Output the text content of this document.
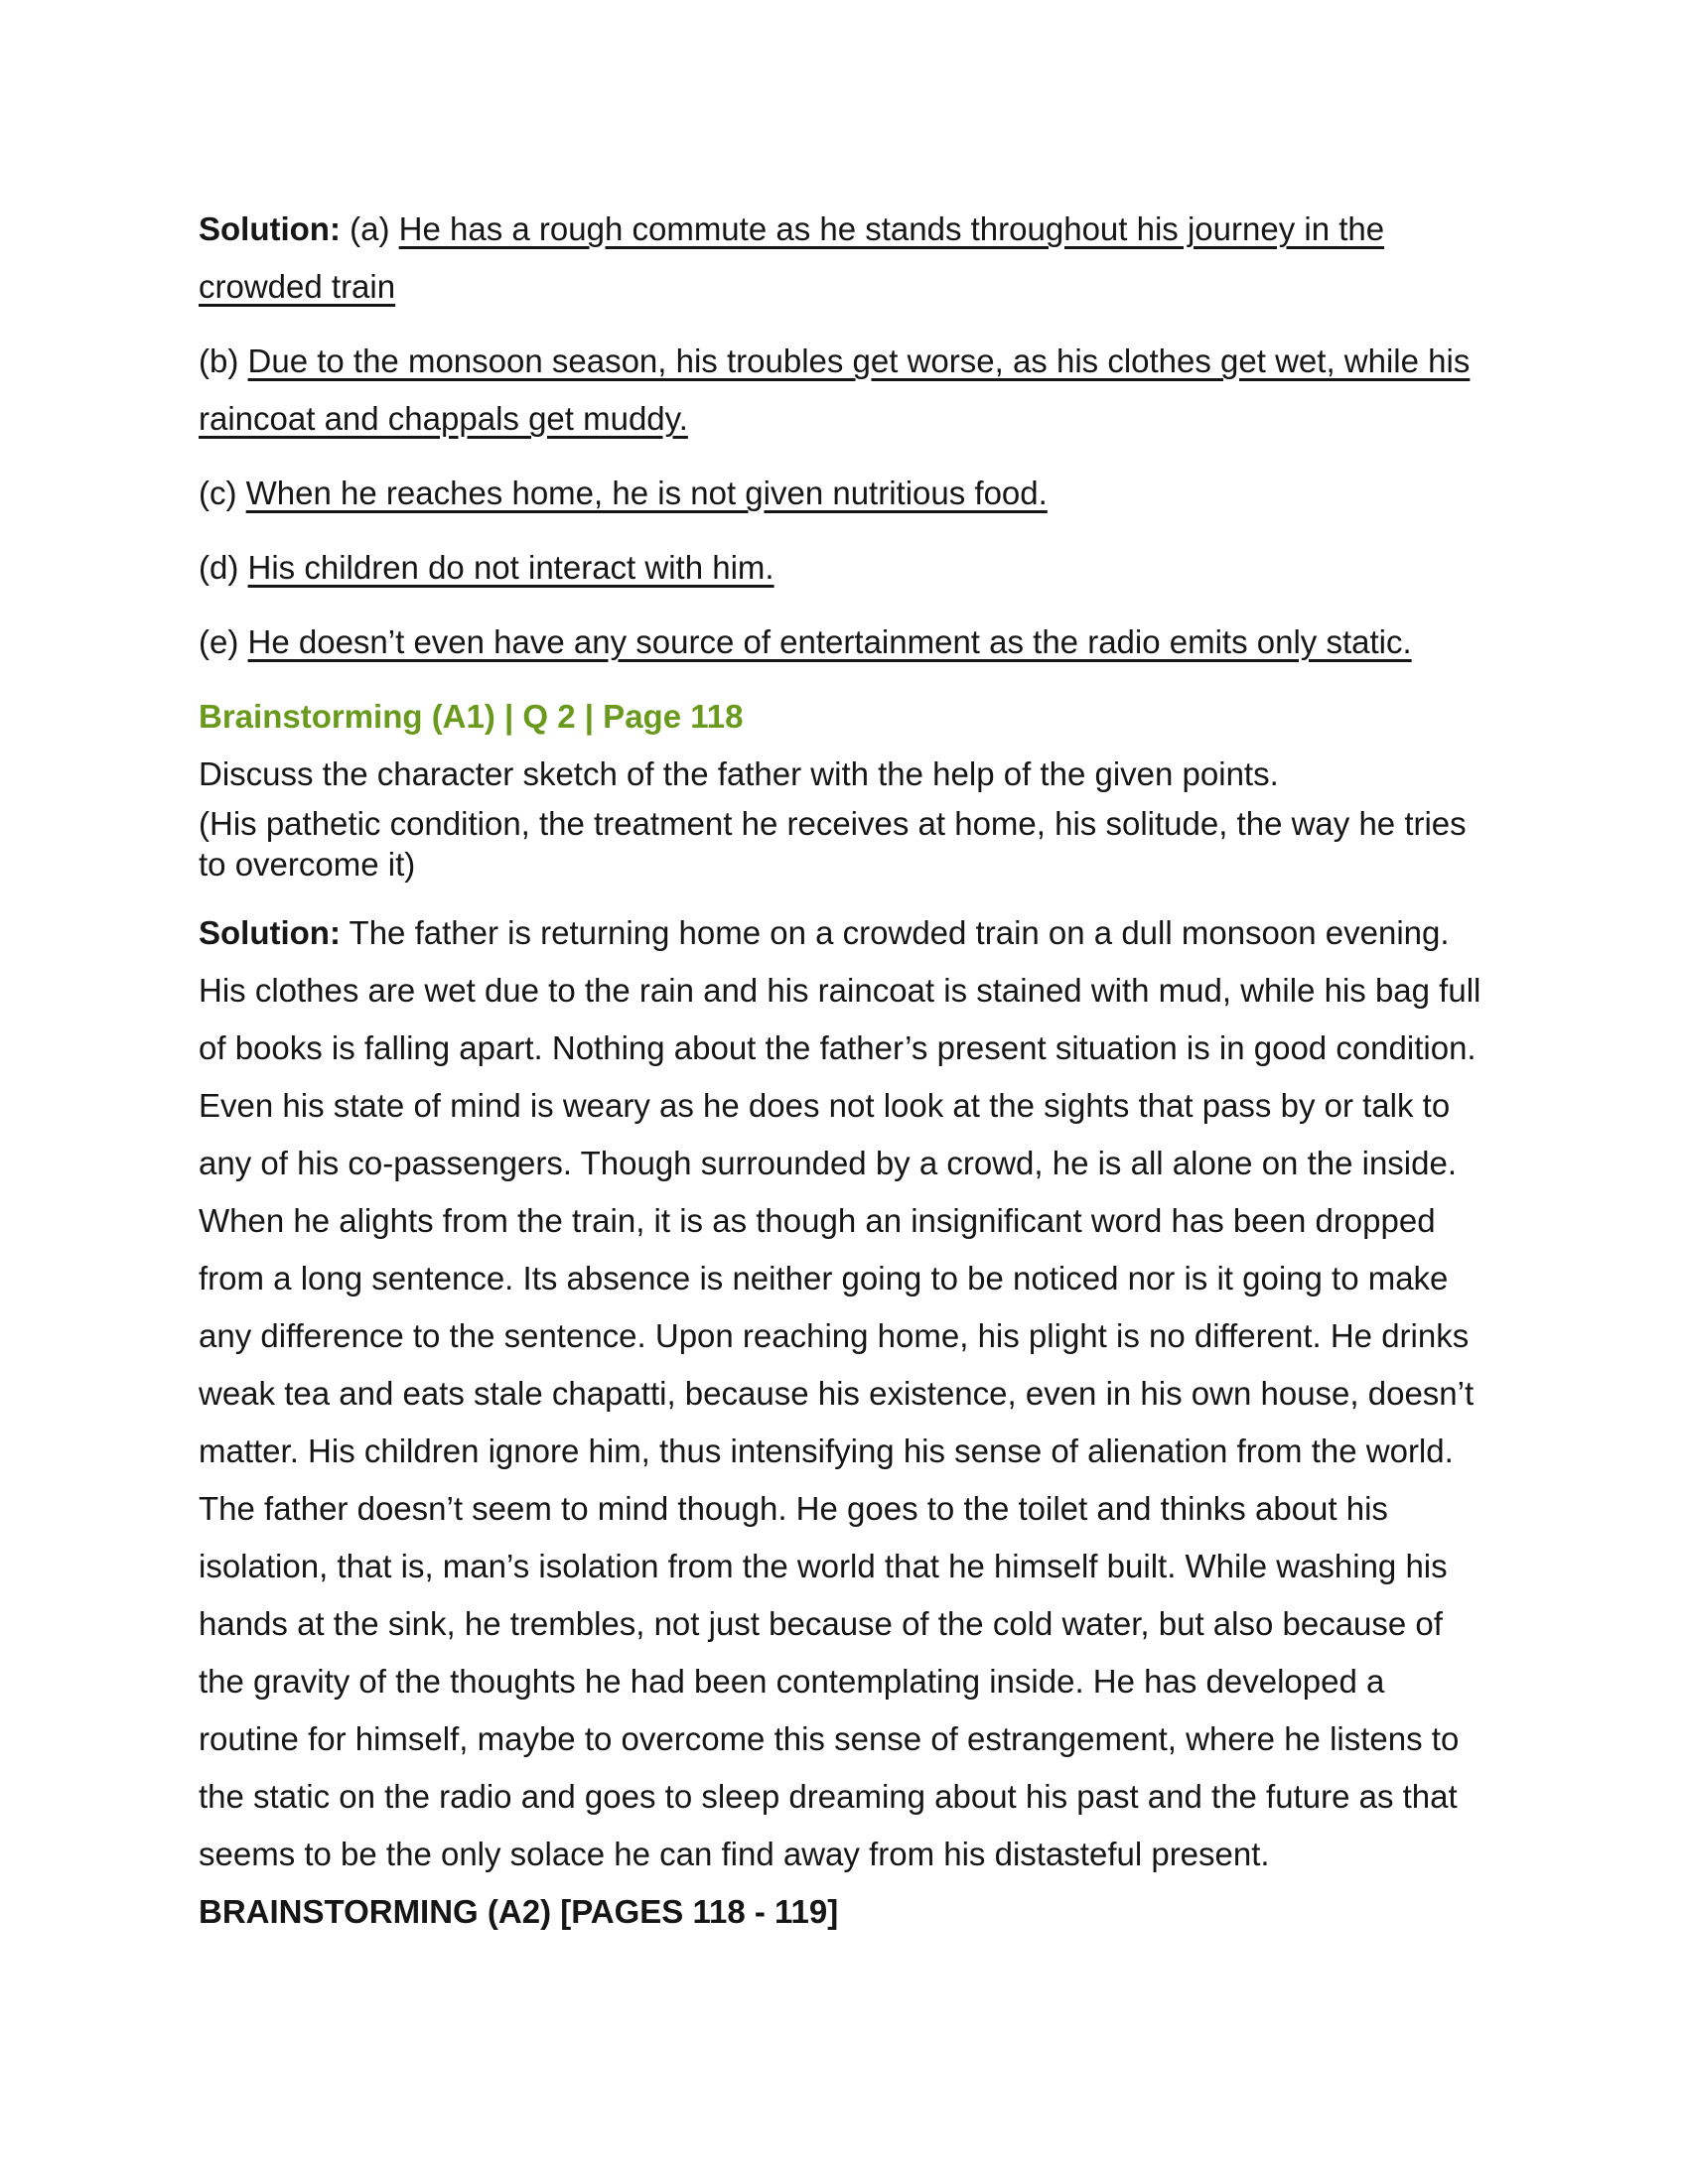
Solution: (a) He has a rough commute as he stands throughout his journey in the crowded train

(b) Due to the monsoon season, his troubles get worse, as his clothes get wet, while his raincoat and chappals get muddy.

(c) When he reaches home, he is not given nutritious food.

(d) His children do not interact with him.

(e) He doesn’t even have any source of entertainment as the radio emits only static.

Brainstorming (A1) | Q 2 | Page 118

Discuss the character sketch of the father with the help of the given points.

(His pathetic condition, the treatment he receives at home, his solitude, the way he tries to overcome it)

Solution: The father is returning home on a crowded train on a dull monsoon evening. His clothes are wet due to the rain and his raincoat is stained with mud, while his bag full of books is falling apart. Nothing about the father’s present situation is in good condition. Even his state of mind is weary as he does not look at the sights that pass by or talk to any of his co-passengers. Though surrounded by a crowd, he is all alone on the inside. When he alights from the train, it is as though an insignificant word has been dropped from a long sentence. Its absence is neither going to be noticed nor is it going to make any difference to the sentence. Upon reaching home, his plight is no different. He drinks weak tea and eats stale chapatti, because his existence, even in his own house, doesn’t matter. His children ignore him, thus intensifying his sense of alienation from the world. The father doesn’t seem to mind though. He goes to the toilet and thinks about his isolation, that is, man’s isolation from the world that he himself built. While washing his hands at the sink, he trembles, not just because of the cold water, but also because of the gravity of the thoughts he had been contemplating inside. He has developed a routine for himself, maybe to overcome this sense of estrangement, where he listens to the static on the radio and goes to sleep dreaming about his past and the future as that seems to be the only solace he can find away from his distasteful present.

BRAINSTORMING (A2) [PAGES 118 - 119]
